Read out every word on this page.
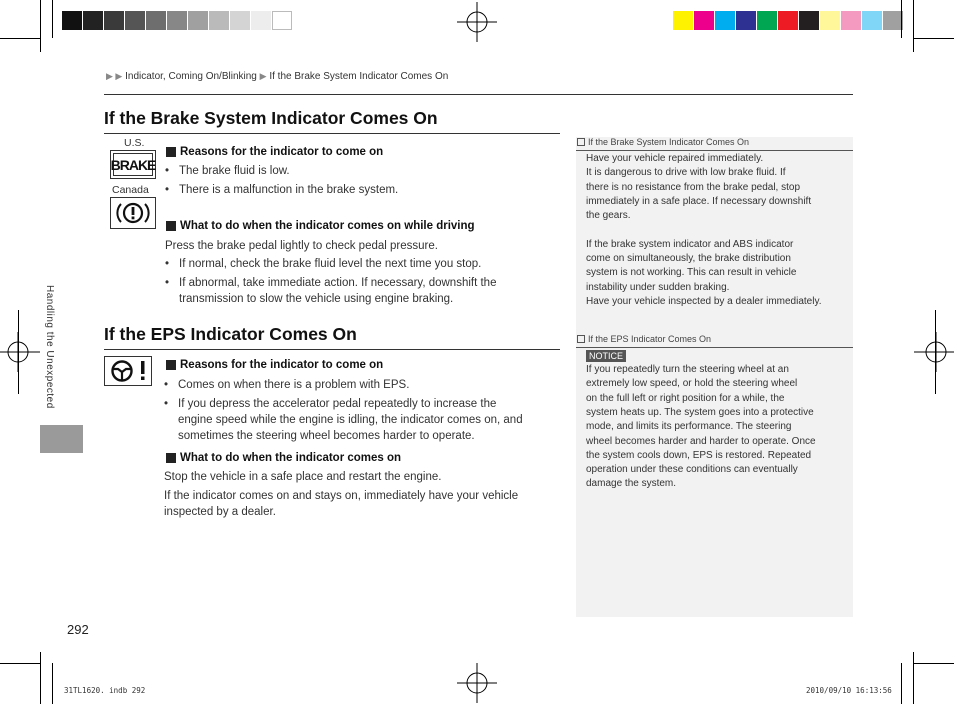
▶ ▶ Indicator, Coming On/Blinking ▶ If the Brake System Indicator Comes On
Handling the Unexpected
If the Brake System Indicator Comes On
U.S.
BRAKE
Canada
Reasons for the indicator to come on
• The brake fluid is low.
• There is a malfunction in the brake system.
What to do when the indicator comes on while driving
Press the brake pedal lightly to check pedal pressure.
• If normal, check the brake fluid level the next time you stop.
• If abnormal, take immediate action. If necessary, downshift the
transmission to slow the vehicle using engine braking.
If the EPS Indicator Comes On
Reasons for the indicator to come on
• Comes on when there is a problem with EPS.
• If you depress the accelerator pedal repeatedly to increase the
engine speed while the engine is idling, the indicator comes on, and
sometimes the steering wheel becomes harder to operate.
What to do when the indicator comes on
Stop the vehicle in a safe place and restart the engine.
If the indicator comes on and stays on, immediately have your vehicle
inspected by a dealer.
If the Brake System Indicator Comes On
Have your vehicle repaired immediately.
It is dangerous to drive with low brake fluid. If
there is no resistance from the brake pedal, stop
immediately in a safe place. If necessary downshift
the gears.
If the brake system indicator and ABS indicator
come on simultaneously, the brake distribution
system is not working. This can result in vehicle
instability under sudden braking.
Have your vehicle inspected by a dealer immediately.
If the EPS Indicator Comes On
NOTICE
If you repeatedly turn the steering wheel at an
extremely low speed, or hold the steering wheel
on the full left or right position for a while, the
system heats up. The system goes into a protective
mode, and limits its performance. The steering
wheel becomes harder and harder to operate. Once
the system cools down, EPS is restored. Repeated
operation under these conditions can eventually
damage the system.
292
31TL1620. indb 292	2010/09/10 16:13:56
